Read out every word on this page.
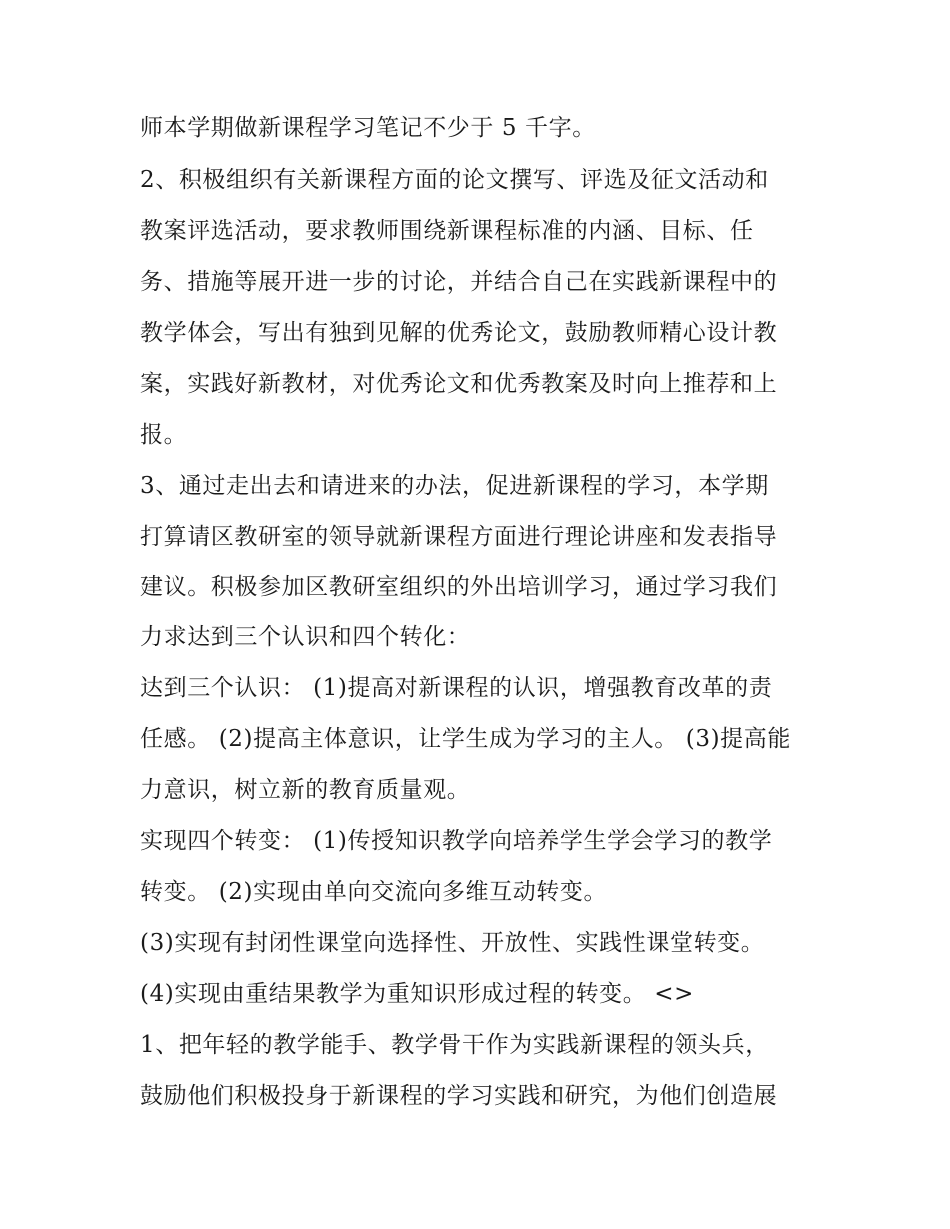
师本学期做新课程学习笔记不少于 5 千字。
2、积极组织有关新课程方面的论文撰写、评选及征文活动和
教案评选活动，要求教师围绕新课程标准的内涵、目标、任
务、措施等展开进一步的讨论，并结合自己在实践新课程中的
教学体会，写出有独到见解的优秀论文，鼓励教师精心设计教
案，实践好新教材，对优秀论文和优秀教案及时向上推荐和上
报。
3、通过走出去和请进来的办法，促进新课程的学习，本学期
打算请区教研室的领导就新课程方面进行理论讲座和发表指导
建议。积极参加区教研室组织的外出培训学习，通过学习我们
力求达到三个认识和四个转化：
达到三个认识： (1)提高对新课程的认识，增强教育改革的责
任感。 (2)提高主体意识，让学生成为学习的主人。 (3)提高能
力意识，树立新的教育质量观。
实现四个转变： (1)传授知识教学向培养学生学会学习的教学
转变。 (2)实现由单向交流向多维互动转变。
(3)实现有封闭性课堂向选择性、开放性、实践性课堂转变。
(4)实现由重结果教学为重知识形成过程的转变。 <>
1、把年轻的教学能手、教学骨干作为实践新课程的领头兵，
鼓励他们积极投身于新课程的学习实践和研究，为他们创造展
